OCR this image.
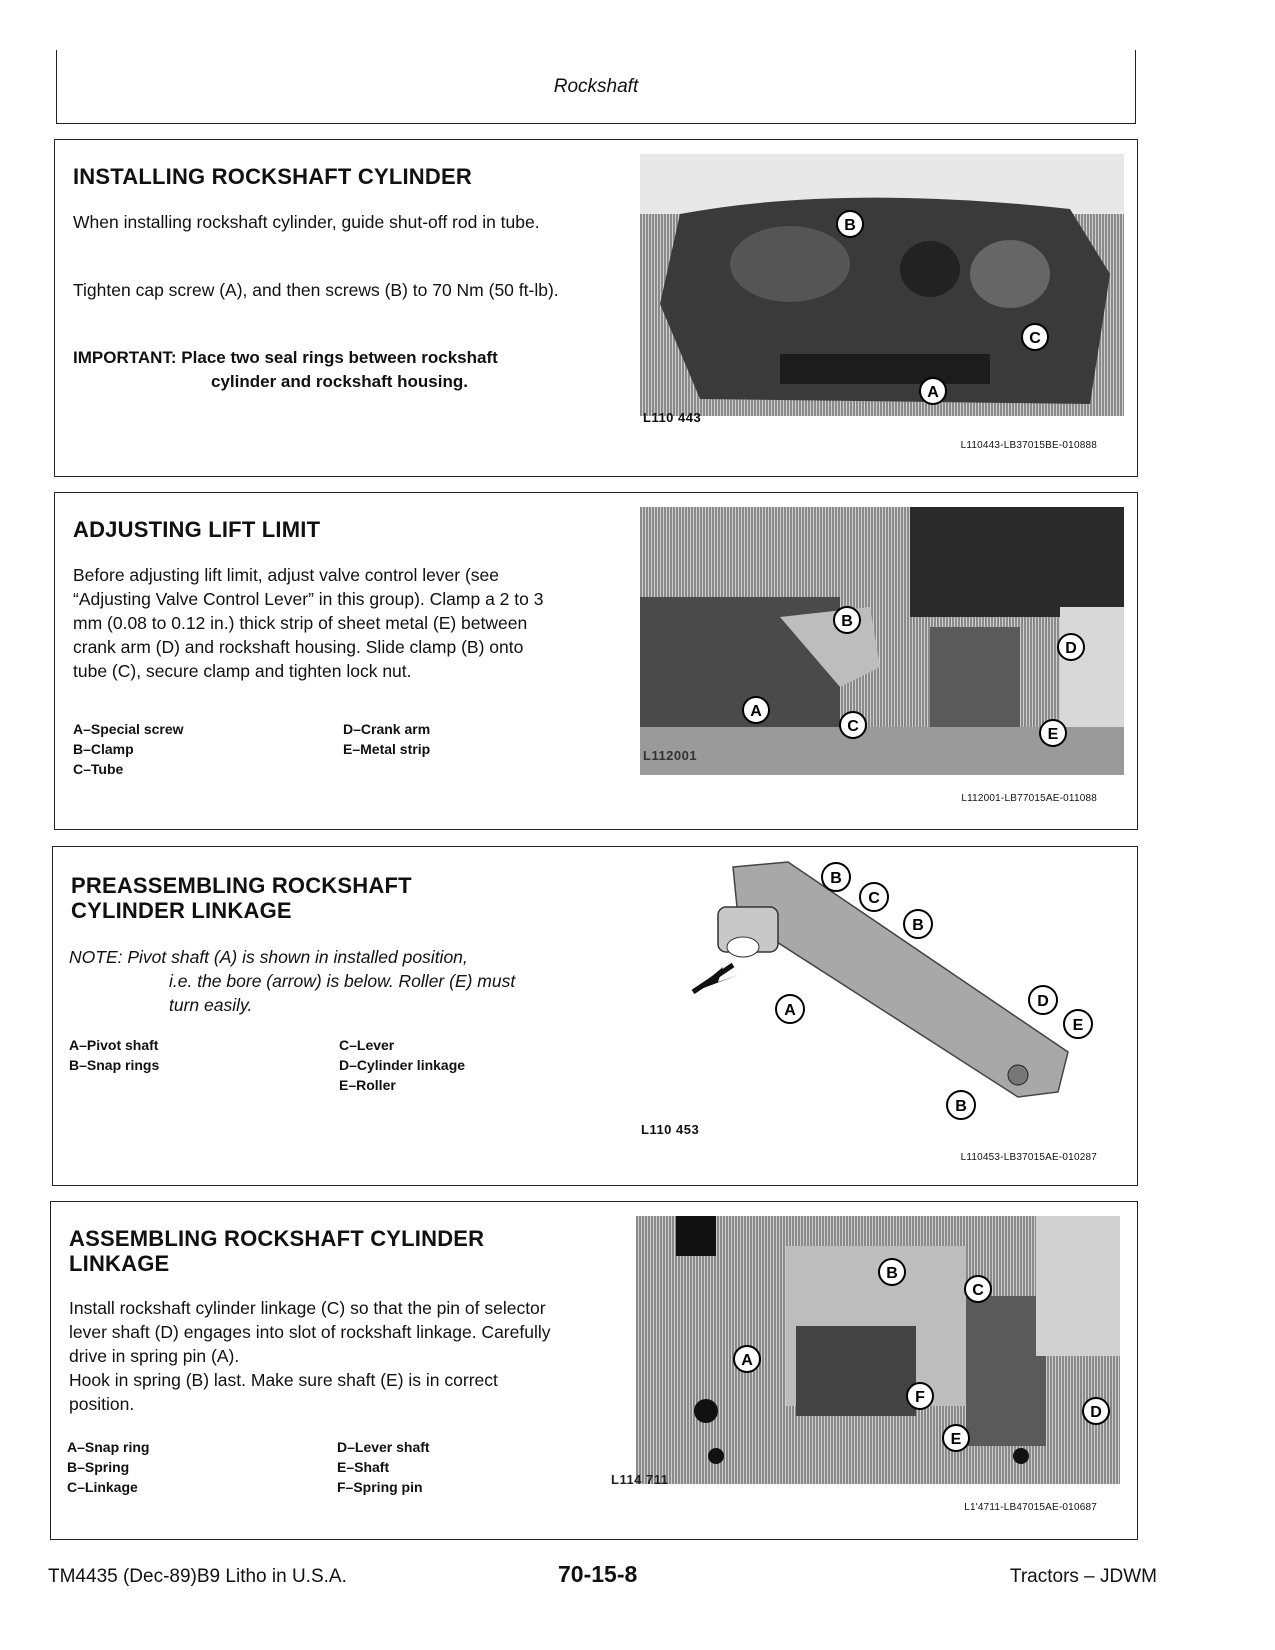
Rockshaft
INSTALLING ROCKSHAFT CYLINDER
When installing rockshaft cylinder, guide shut-off rod in tube.
Tighten cap screw (A), and then screws (B) to 70 Nm (50 ft-lb).
IMPORTANT: Place two seal rings between rockshaft
cylinder and rockshaft housing.
B
C
A
L110 443
L110443-LB37015BE-010888
ADJUSTING LIFT LIMIT
Before adjusting lift limit, adjust valve control lever (see “Adjusting Valve Control Lever” in this group). Clamp a 2 to 3 mm (0.08 to 0.12 in.) thick strip of sheet metal (E) between crank arm (D) and rockshaft housing. Slide clamp (B) onto tube (C), secure clamp and tighten lock nut.
A–Special screw
B–Clamp
C–Tube
D–Crank arm
E–Metal strip
B
D
A
C	E
L112001
L112001-LB77015AE-011088
PREASSEMBLING ROCKSHAFT
CYLINDER LINKAGE
NOTE: Pivot shaft (A) is shown in installed position,
i.e. the bore (arrow) is below. Roller (E) must
turn easily.
A–Pivot shaft
B–Snap rings
C–Lever
D–Cylinder linkage
E–Roller
B
C
B
A
D
E
B
L110 453
L110453-LB37015AE-010287
ASSEMBLING ROCKSHAFT CYLINDER
LINKAGE
Install rockshaft cylinder linkage (C) so that the pin of selector lever shaft (D) engages into slot of rockshaft linkage. Carefully drive in spring pin (A).
Hook in spring (B) last. Make sure shaft (E) is in correct position.
A–Snap ring
B–Spring
C–Linkage
D–Lever shaft
E–Shaft
F–Spring pin
B
C
A
F
D
E
L114 711
L1'4711-LB47015AE-010687
TM4435 (Dec-89)B9 Litho in U.S.A.	70-15-8	Tractors – JDWM
